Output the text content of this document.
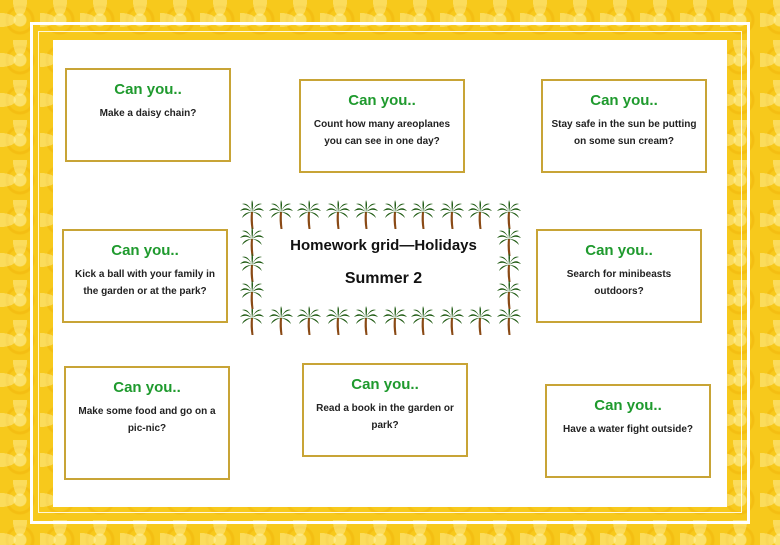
Can you..
Make a daisy chain?
Can you..
Count how many areoplanes you can see in one day?
Can you..
Stay safe in the sun be putting on some sun cream?
Can you..
Kick a ball with your family in the garden or at the park?
Can you..
Search for minibeasts outdoors?
Can you..
Make some food and go on a pic-nic?
Can you..
Read a book in the garden or park?
Can you..
Have a water fight outside?
Homework grid—Holidays
Summer 2
